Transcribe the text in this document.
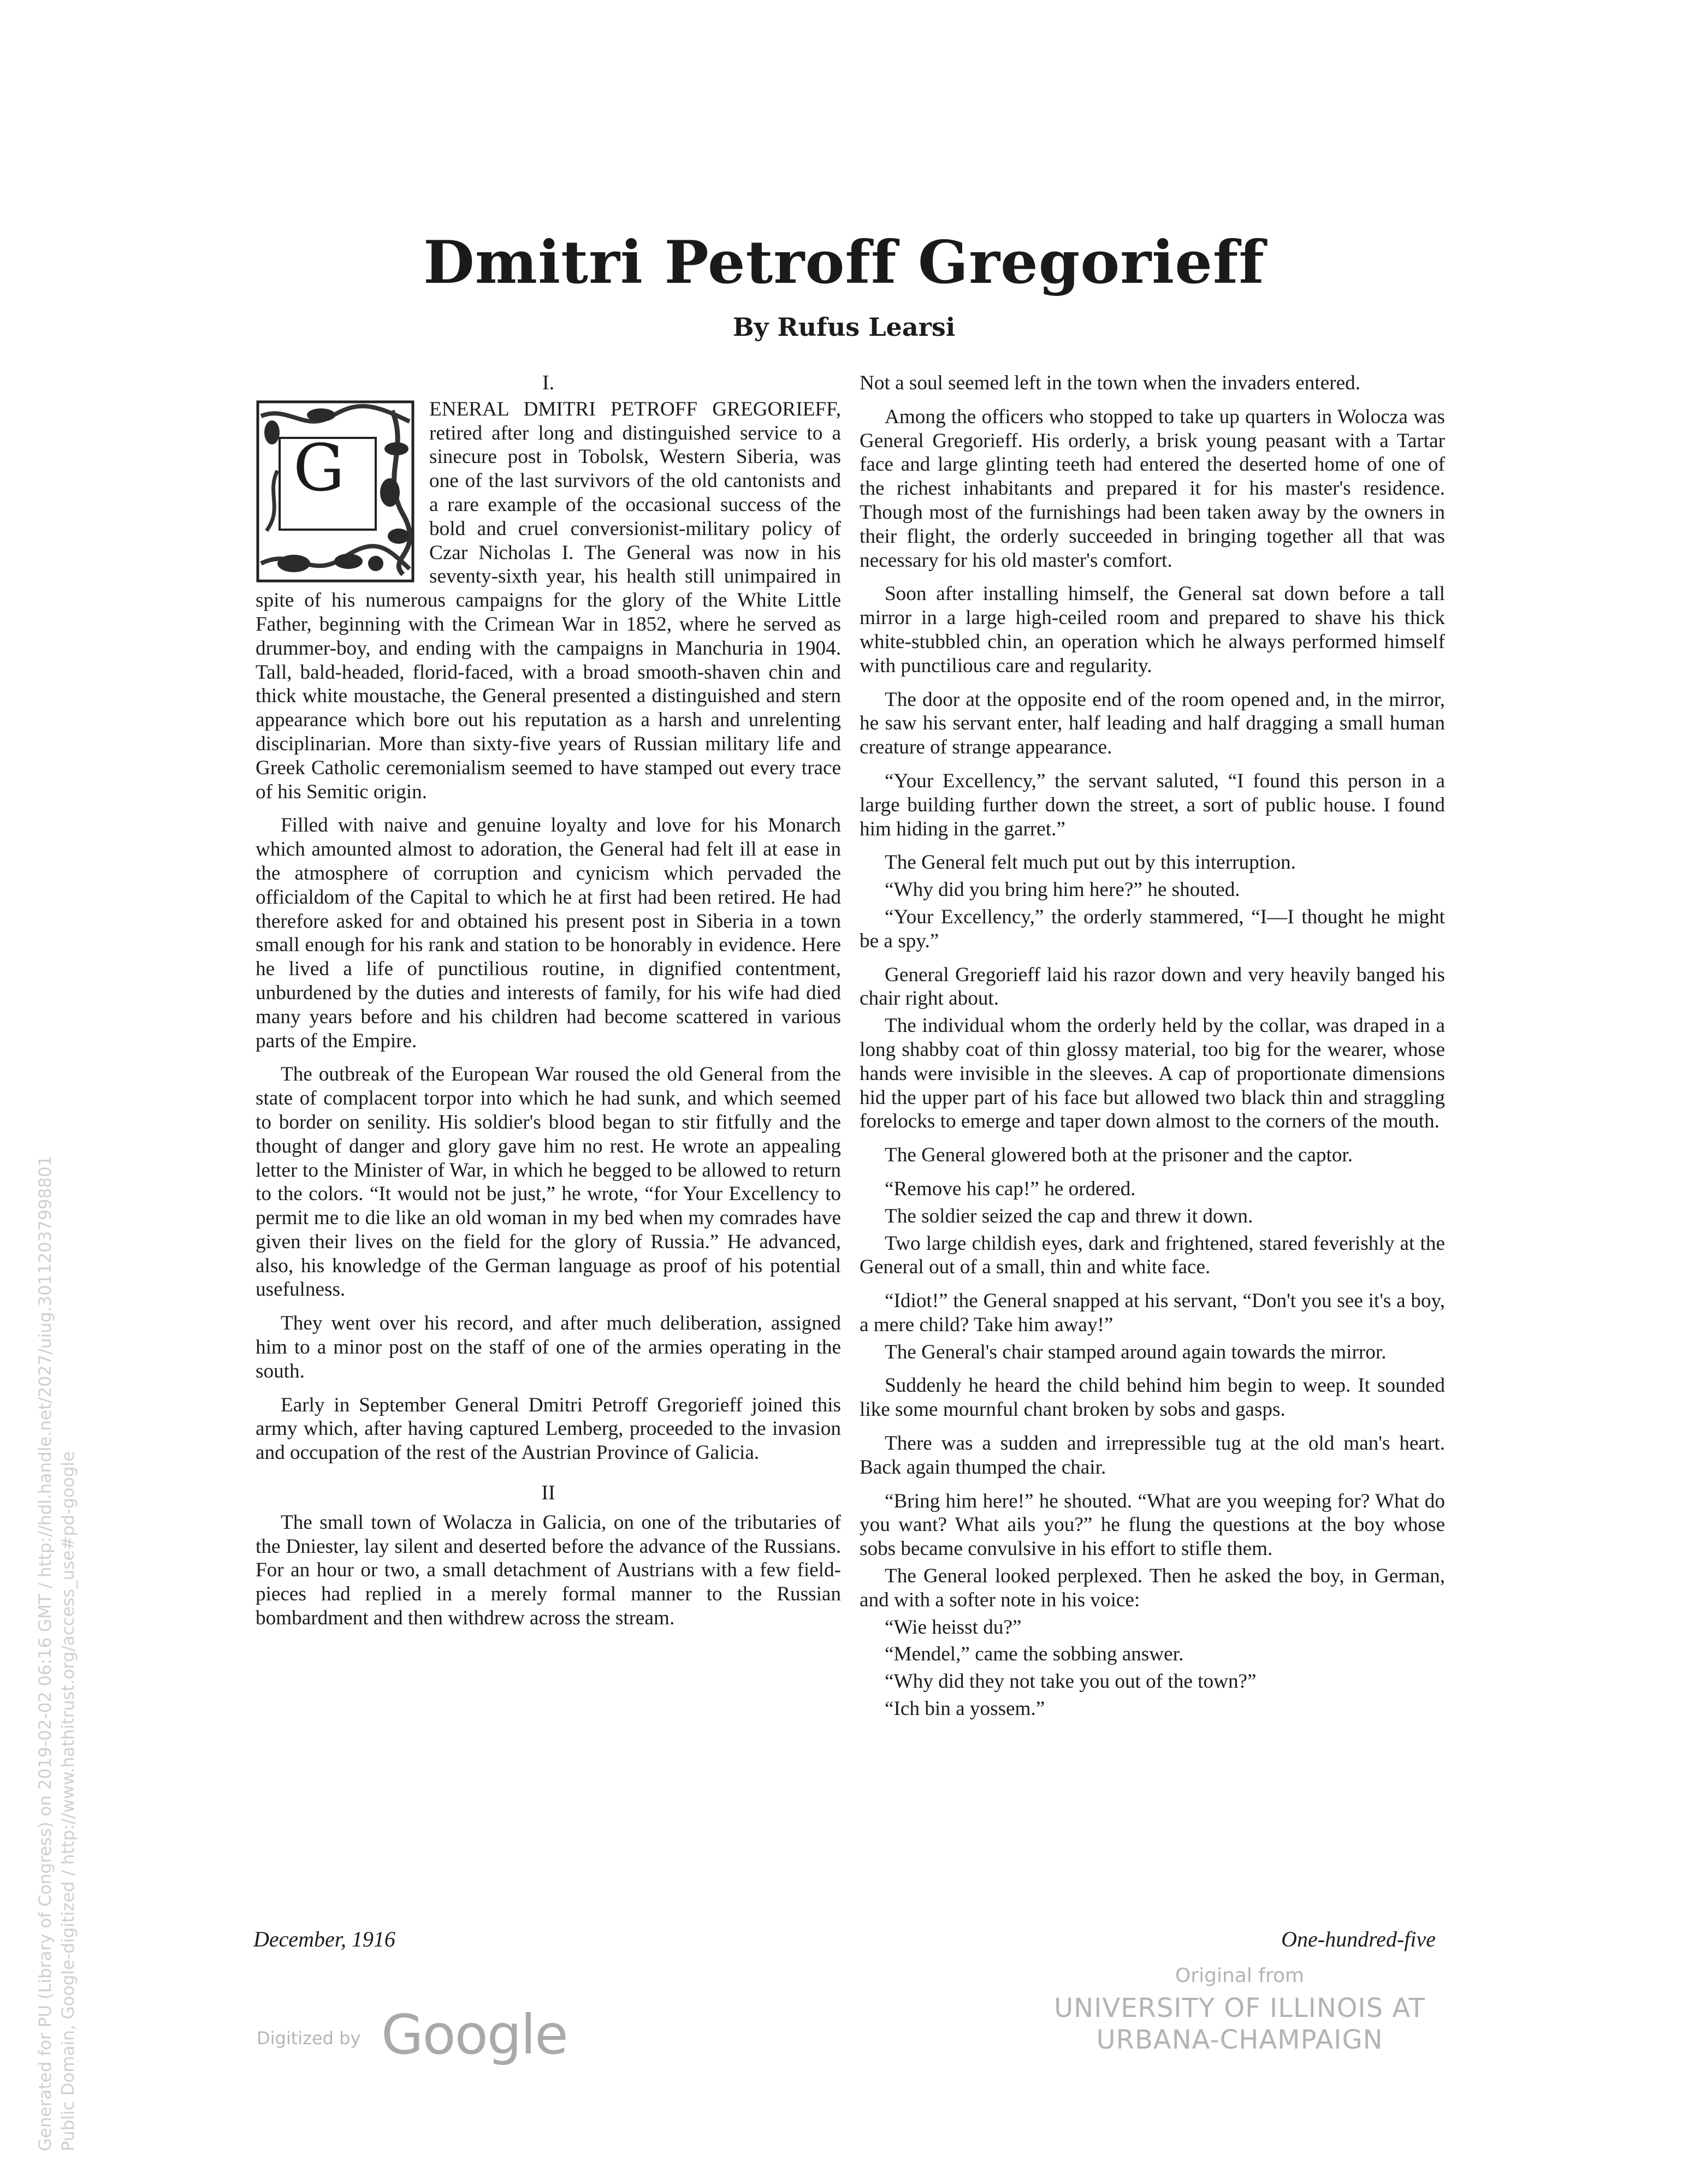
Dmitri Petroff Gregorieff
By Rufus Learsi
I.
G

ENERAL DMITRI PETROFF GREGORIEFF, retired after long and distinguished service to a sinecure post in Tobolsk, Western Siberia, was one of the last survivors of the old cantonists and a rare example of the occasional success of the bold and cruel conversionist-military policy of Czar Nicholas I. The General was now in his seventy-sixth year, his health still unimpaired in spite of his numerous campaigns for the glory of the White Little Father, beginning with the Crimean War in 1852, where he served as drummer-boy, and ending with the campaigns in Manchuria in 1904. Tall, bald-headed, florid-faced, with a broad smooth-shaven chin and thick white moustache, the General presented a distinguished and stern appearance which bore out his reputation as a harsh and unrelenting disciplinarian. More than sixty-five years of Russian military life and Greek Catholic ceremonialism seemed to have stamped out every trace of his Semitic origin.

Filled with naive and genuine loyalty and love for his Monarch which amounted almost to adoration, the General had felt ill at ease in the atmosphere of corruption and cynicism which pervaded the officialdom of the Capital to which he at first had been retired. He had therefore asked for and obtained his present post in Siberia in a town small enough for his rank and station to be honorably in evidence. Here he lived a life of punctilious routine, in dignified contentment, unburdened by the duties and interests of family, for his wife had died many years before and his children had become scattered in various parts of the Empire.

The outbreak of the European War roused the old General from the state of complacent torpor into which he had sunk, and which seemed to border on senility. His soldier's blood began to stir fitfully and the thought of danger and glory gave him no rest. He wrote an appealing letter to the Minister of War, in which he begged to be allowed to return to the colors. “It would not be just,” he wrote, “for Your Excellency to permit me to die like an old woman in my bed when my comrades have given their lives on the field for the glory of Russia.” He advanced, also, his knowledge of the German language as proof of his potential usefulness.

They went over his record, and after much deliberation, assigned him to a minor post on the staff of one of the armies operating in the south.

Early in September General Dmitri Petroff Gregorieff joined this army which, after having captured Lemberg, proceeded to the invasion and occupation of the rest of the Austrian Province of Galicia.

II

The small town of Wolacza in Galicia, on one of the tributaries of the Dniester, lay silent and deserted before the advance of the Russians. For an hour or two, a small detachment of Austrians with a few field-pieces had replied in a merely formal manner to the Russian bombardment and then withdrew across the stream.

Not a soul seemed left in the town when the invaders entered.

Among the officers who stopped to take up quarters in Wolocza was General Gregorieff. His orderly, a brisk young peasant with a Tartar face and large glinting teeth had entered the deserted home of one of the richest inhabitants and prepared it for his master's residence. Though most of the furnishings had been taken away by the owners in their flight, the orderly succeeded in bringing together all that was necessary for his old master's comfort.

Soon after installing himself, the General sat down before a tall mirror in a large high-ceiled room and prepared to shave his thick white-stubbled chin, an operation which he always performed himself with punctilious care and regularity.

The door at the opposite end of the room opened and, in the mirror, he saw his servant enter, half leading and half dragging a small human creature of strange appearance.

“Your Excellency,” the servant saluted, “I found this person in a large building further down the street, a sort of public house. I found him hiding in the garret.”

The General felt much put out by this interruption.

“Why did you bring him here?” he shouted.

“Your Excellency,” the orderly stammered, “I—I thought he might be a spy.”

General Gregorieff laid his razor down and very heavily banged his chair right about.

The individual whom the orderly held by the collar, was draped in a long shabby coat of thin glossy material, too big for the wearer, whose hands were invisible in the sleeves. A cap of proportionate dimensions hid the upper part of his face but allowed two black thin and straggling forelocks to emerge and taper down almost to the corners of the mouth.

The General glowered both at the prisoner and the captor.

“Remove his cap!” he ordered.

The soldier seized the cap and threw it down.

Two large childish eyes, dark and frightened, stared feverishly at the General out of a small, thin and white face.

“Idiot!” the General snapped at his servant, “Don't you see it's a boy, a mere child? Take him away!”

The General's chair stamped around again towards the mirror.

Suddenly he heard the child behind him begin to weep. It sounded like some mournful chant broken by sobs and gasps.

There was a sudden and irrepressible tug at the old man's heart. Back again thumped the chair.

“Bring him here!” he shouted. “What are you weeping for? What do you want? What ails you?” he flung the questions at the boy whose sobs became convulsive in his effort to stifle them.

The General looked perplexed. Then he asked the boy, in German, and with a softer note in his voice:

“Wie heisst du?”

“Mendel,” came the sobbing answer.

“Why did they not take you out of the town?”

“Ich bin a yossem.”

December, 1916	One-hundred-five
Digitized by Google
Original from
UNIVERSITY OF ILLINOIS AT
URBANA-CHAMPAIGN
Generated for PU (Library of Congress) on 2019-02-02 06:16 GMT / http://hdl.handle.net/2027/uiug.30112037998801 Public Domain, Google-digitized / http://www.hathitrust.org/access_use#pd-google
